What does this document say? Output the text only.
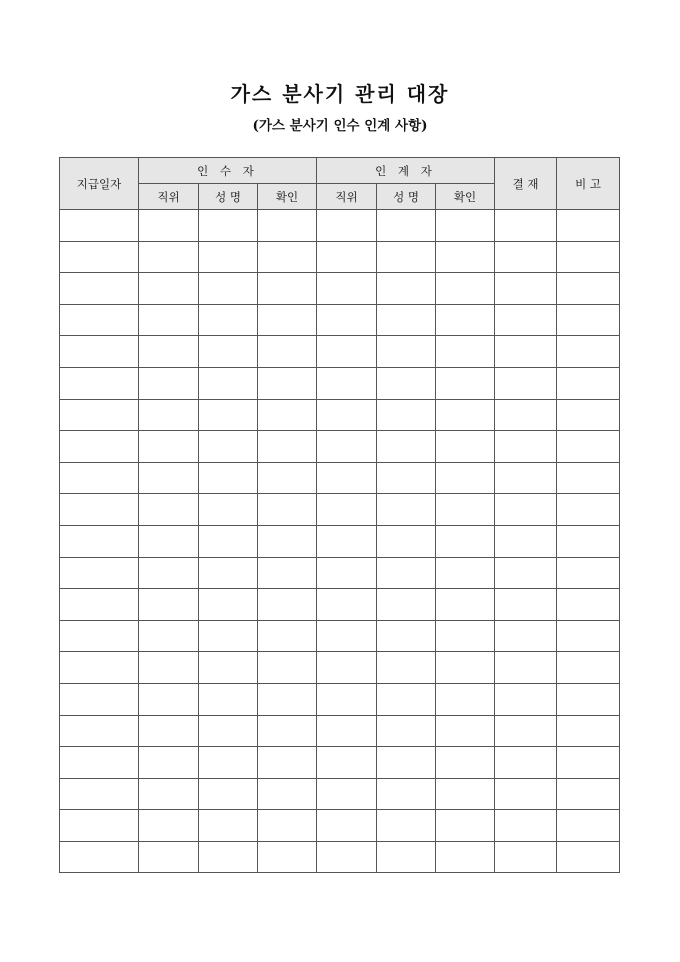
가스 분사기 관리 대장
(가스 분사기 인수 인계 사항)
지급일자	인 수 자			인 계 자			결 재	비 고
	직위	성 명	확인	직위	성 명	확인		
